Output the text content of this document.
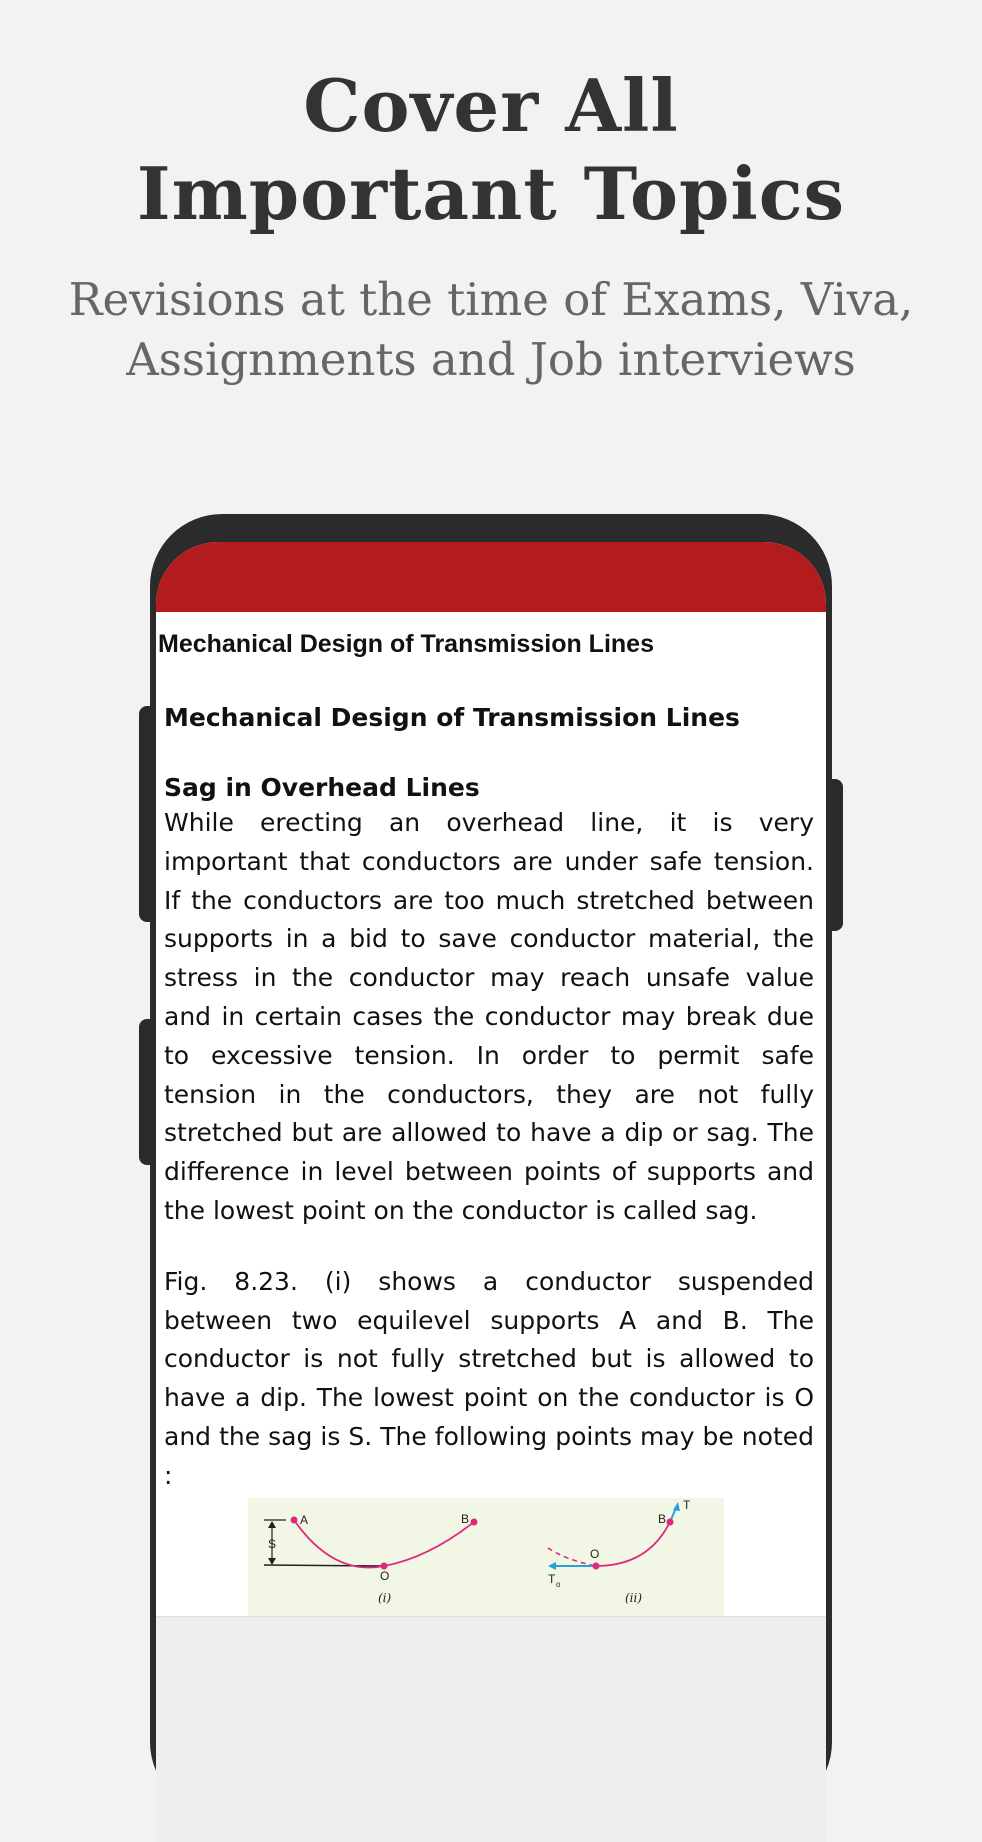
Cover All
Important Topics
Revisions at the time of Exams, Viva,
Assignments and Job interviews
Mechanical Design of Transmission Lines
Mechanical Design of Transmission Lines
Sag in Overhead Lines

While erecting an overhead line, it is very important that conductors are under safe tension. If the conductors are too much stretched between supports in a bid to save conductor material, the stress in the conductor may reach unsafe value and in certain cases the conductor may break due to excessive tension. In order to permit safe tension in the conductors, they are not fully stretched but are allowed to have a dip or sag. The difference in level between points of supports and the lowest point on the conductor is called sag.

Fig. 8.23. (i) shows a conductor suspended between two equilevel supports A and B. The conductor is not fully stretched but is allowed to have a dip. The lowest point on the conductor is O and the sag is S. The following points may be noted :

S
A
O
B
(i)
O
B
T
T o
(ii)
